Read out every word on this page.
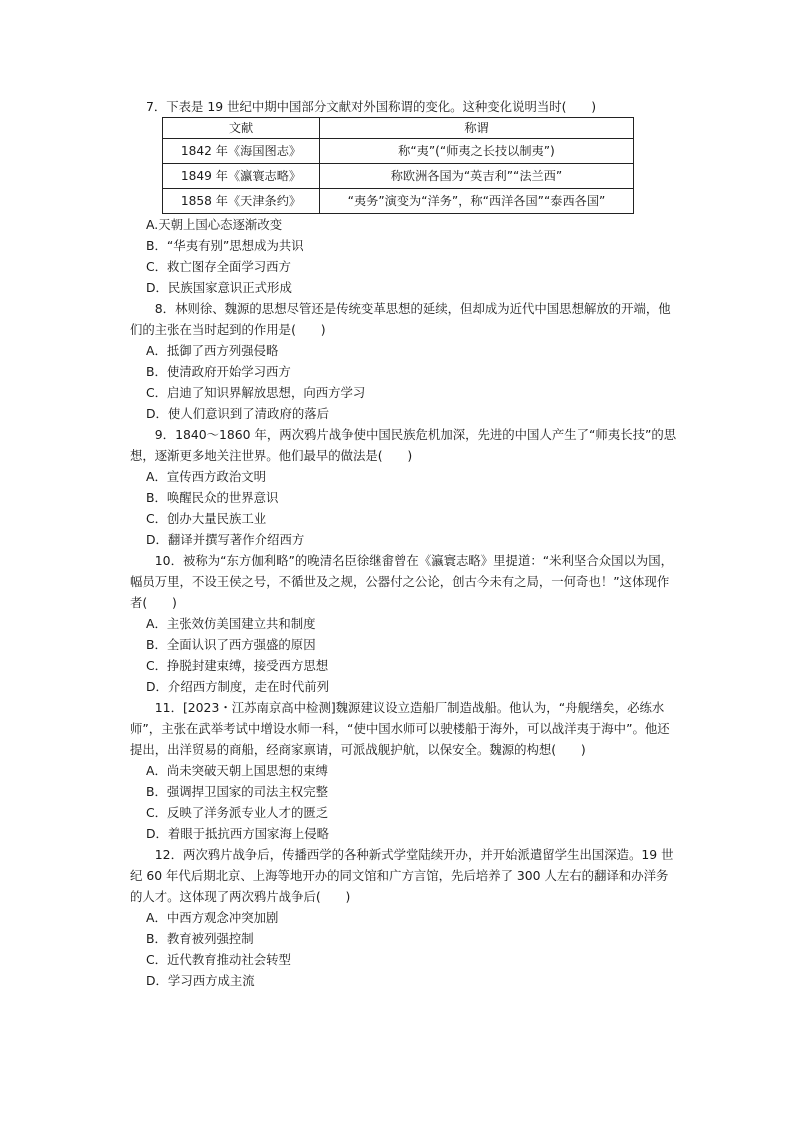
7．下表是 19 世纪中期中国部分文献对外国称谓的变化。这种变化说明当时(　　)
文献	称谓
1842 年《海国图志》	称“夷”(“师夷之长技以制夷”)
1849 年《瀛寰志略》	称欧洲各国为“英吉利”“法兰西”
1858 年《天津条约》	“夷务”演变为“洋务”，称“西洋各国”“泰西各国”
A.天朝上国心态逐渐改变
B．“华夷有别”思想成为共识
C．救亡图存全面学习西方
D．民族国家意识正式形成
8．林则徐、魏源的思想尽管还是传统变革思想的延续，但却成为近代中国思想解放的开端，他们的主张在当时起到的作用是(　　)
A．抵御了西方列强侵略
B．使清政府开始学习西方
C．启迪了知识界解放思想，向西方学习
D．使人们意识到了清政府的落后
9．1840～1860 年，两次鸦片战争使中国民族危机加深，先进的中国人产生了“师夷长技”的思想，逐渐更多地关注世界。他们最早的做法是(　　)
A．宣传西方政治文明
B．唤醒民众的世界意识
C．创办大量民族工业
D．翻译并撰写著作介绍西方
10．被称为“东方伽利略”的晚清名臣徐继畬曾在《瀛寰志略》里提道：“米利坚合众国以为国，幅员万里，不设王侯之号，不循世及之规，公器付之公论，创古今未有之局，一何奇也！”这体现作者(　　)
A．主张效仿美国建立共和制度
B．全面认识了西方强盛的原因
C．挣脱封建束缚，接受西方思想
D．介绍西方制度，走在时代前列
11．[2023・江苏南京高中检测]魏源建议设立造船厂制造战船。他认为，“舟舰缮矣，必练水师”，主张在武举考试中增设水师一科，“使中国水师可以驶楼船于海外，可以战洋夷于海中”。他还提出，出洋贸易的商船，经商家禀请，可派战舰护航，以保安全。魏源的构想(　　)
A．尚未突破天朝上国思想的束缚
B．强调捍卫国家的司法主权完整
C．反映了洋务派专业人才的匮乏
D．着眼于抵抗西方国家海上侵略
12．两次鸦片战争后，传播西学的各种新式学堂陆续开办，并开始派遣留学生出国深造。19 世纪 60 年代后期北京、上海等地开办的同文馆和广方言馆，先后培养了 300 人左右的翻译和办洋务的人才。这体现了两次鸦片战争后(　　)
A．中西方观念冲突加剧
B．教育被列强控制
C．近代教育推动社会转型
D．学习西方成主流
